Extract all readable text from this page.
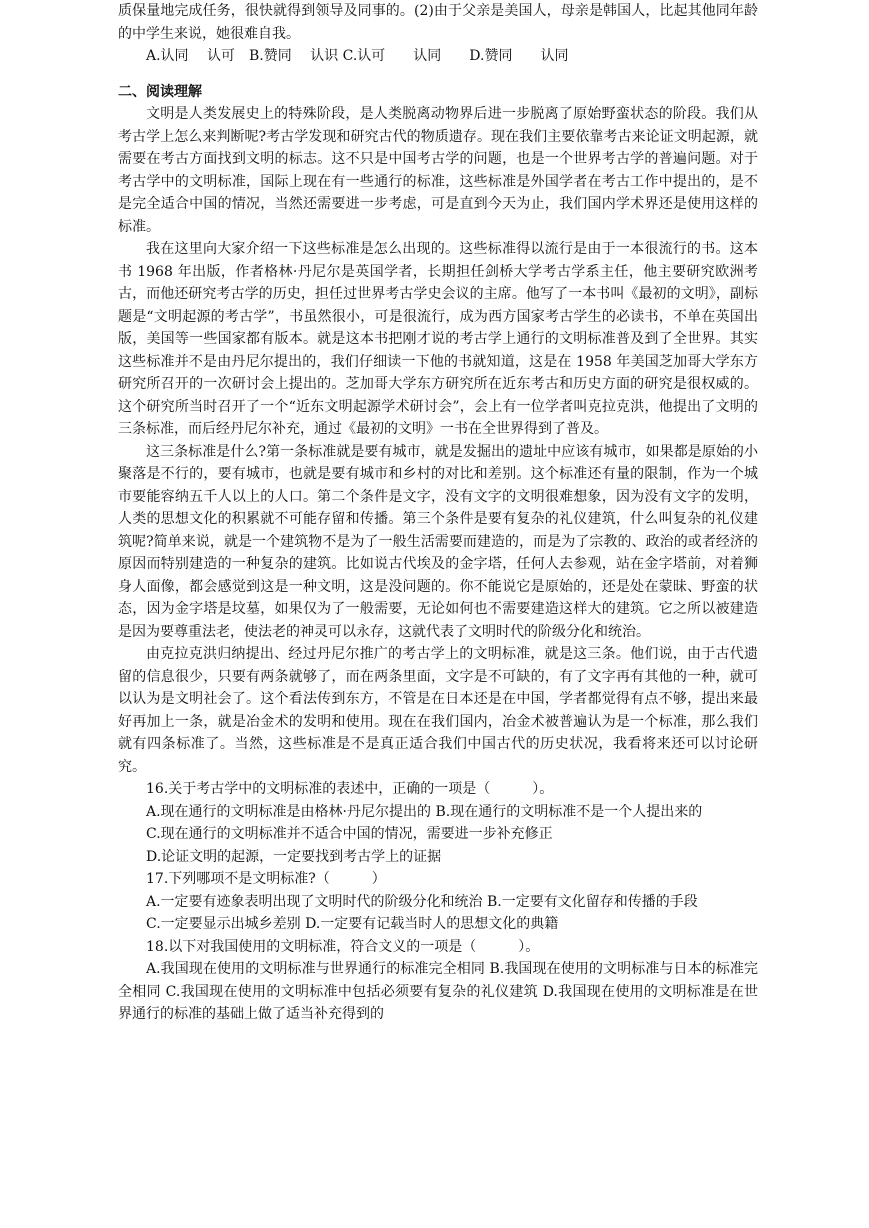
质保量地完成任务，很快就得到领导及同事的。(2)由于父亲是美国人，母亲是韩国人，比起其他同年龄的中学生来说，她很难自我。

A.认同　 认可　B.赞同　 认识 C.认可　　认同　　D.赞同　　认同

二、阅读理解

文明是人类发展史上的特殊阶段，是人类脱离动物界后进一步脱离了原始野蛮状态的阶段。我们从考古学上怎么来判断呢?考古学发现和研究古代的物质遗存。现在我们主要依靠考古来论证文明起源，就需要在考古方面找到文明的标志。这不只是中国考古学的问题，也是一个世界考古学的普遍问题。对于考古学中的文明标准，国际上现在有一些通行的标准，这些标准是外国学者在考古工作中提出的，是不是完全适合中国的情况，当然还需要进一步考虑，可是直到今天为止，我们国内学术界还是使用这样的标准。

我在这里向大家介绍一下这些标准是怎么出现的。这些标准得以流行是由于一本很流行的书。这本书 1968 年出版，作者格林·丹尼尔是英国学者，长期担任剑桥大学考古学系主任，他主要研究欧洲考古，而他还研究考古学的历史，担任过世界考古学史会议的主席。他写了一本书叫《最初的文明》，副标题是“文明起源的考古学”，书虽然很小，可是很流行，成为西方国家考古学生的必读书，不单在英国出版，美国等一些国家都有版本。就是这本书把刚才说的考古学上通行的文明标准普及到了全世界。其实这些标准并不是由丹尼尔提出的，我们仔细读一下他的书就知道，这是在 1958 年美国芝加哥大学东方研究所召开的一次研讨会上提出的。芝加哥大学东方研究所在近东考古和历史方面的研究是很权威的。这个研究所当时召开了一个“近东文明起源学术研讨会”，会上有一位学者叫克拉克洪，他提出了文明的三条标准，而后经丹尼尔补充，通过《最初的文明》一书在全世界得到了普及。

这三条标准是什么?第一条标准就是要有城市，就是发掘出的遗址中应该有城市，如果都是原始的小聚落是不行的，要有城市，也就是要有城市和乡村的对比和差别。这个标准还有量的限制，作为一个城市要能容纳五千人以上的人口。第二个条件是文字，没有文字的文明很难想象，因为没有文字的发明，人类的思想文化的积累就不可能存留和传播。第三个条件是要有复杂的礼仪建筑，什么叫复杂的礼仪建筑呢?简单来说，就是一个建筑物不是为了一般生活需要而建造的，而是为了宗教的、政治的或者经济的原因而特别建造的一种复杂的建筑。比如说古代埃及的金字塔，任何人去参观，站在金字塔前，对着狮身人面像，都会感觉到这是一种文明，这是没问题的。你不能说它是原始的，还是处在蒙昧、野蛮的状态，因为金字塔是坟墓，如果仅为了一般需要，无论如何也不需要建造这样大的建筑。它之所以被建造是因为要尊重法老，使法老的神灵可以永存，这就代表了文明时代的阶级分化和统治。

由克拉克洪归纳提出、经过丹尼尔推广的考古学上的文明标准，就是这三条。他们说，由于古代遗留的信息很少，只要有两条就够了，而在两条里面，文字是不可缺的，有了文字再有其他的一种，就可以认为是文明社会了。这个看法传到东方，不管是在日本还是在中国，学者都觉得有点不够，提出来最好再加上一条，就是冶金术的发明和使用。现在在我们国内，冶金术被普遍认为是一个标准，那么我们就有四条标准了。当然，这些标准是不是真正适合我们中国古代的历史状况，我看将来还可以讨论研究。

16.关于考古学中的文明标准的表述中，正确的一项是（　　　）。

A.现在通行的文明标准是由格林·丹尼尔提出的 B.现在通行的文明标准不是一个人提出来的

C.现在通行的文明标准并不适合中国的情况，需要进一步补充修正

D.论证文明的起源，一定要找到考古学上的证据

17.下列哪项不是文明标准?（　　　）

A.一定要有迹象表明出现了文明时代的阶级分化和统治 B.一定要有文化留存和传播的手段

C.一定要显示出城乡差别 D.一定要有记载当时人的思想文化的典籍

18.以下对我国使用的文明标准，符合文义的一项是（　　　）。

A.我国现在使用的文明标准与世界通行的标准完全相同 B.我国现在使用的文明标准与日本的标准完全相同 C.我国现在使用的文明标准中包括必须要有复杂的礼仪建筑 D.我国现在使用的文明标准是在世界通行的标准的基础上做了适当补充得到的
